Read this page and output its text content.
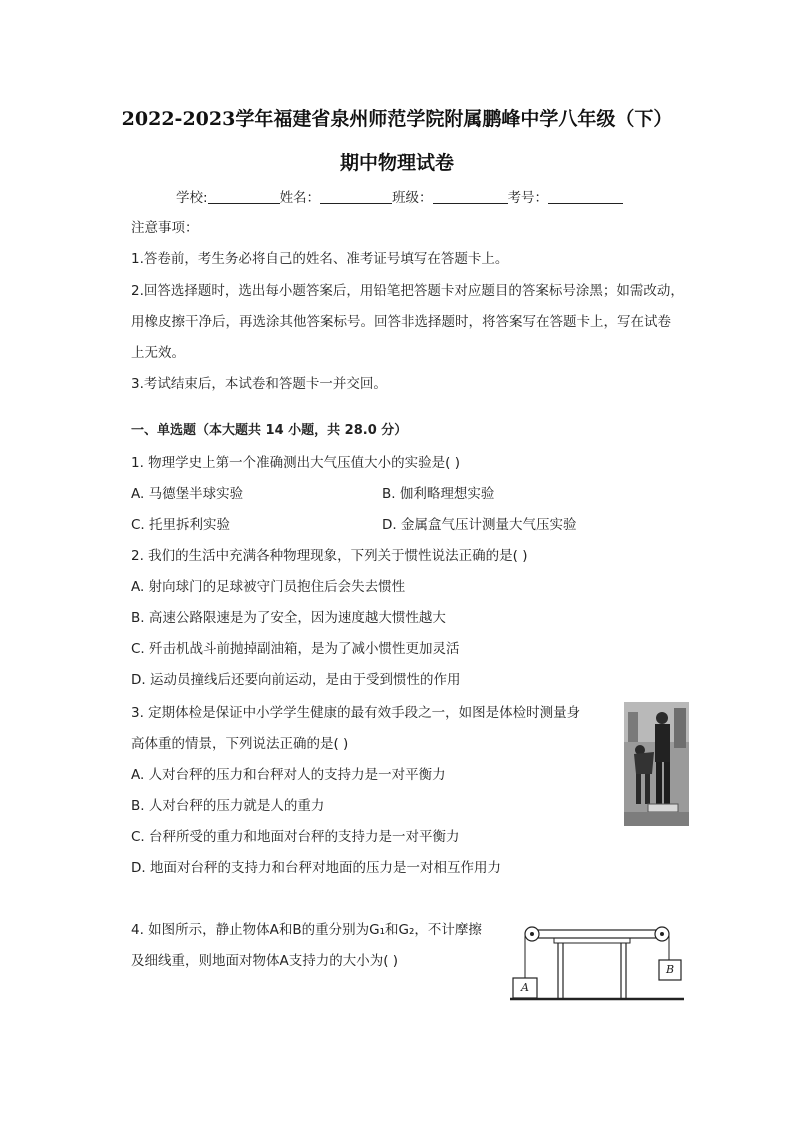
2022-2023学年福建省泉州师范学院附属鹏峰中学八年级（下）
期中物理试卷
学校:	姓名：	班级：	考号：
注意事项：
1.答卷前，考生务必将自己的姓名、准考证号填写在答题卡上。
2.回答选择题时，选出每小题答案后，用铅笔把答题卡对应题目的答案标号涂黑；如需改动，
用橡皮擦干净后，再选涂其他答案标号。回答非选择题时，将答案写在答题卡上，写在试卷
上无效。
3.考试结束后，本试卷和答题卡一并交回。
一、单选题（本大题共 14 小题，共 28.0 分）
1. 物理学史上第一个准确测出大气压值大小的实验是( )
A. 马德堡半球实验	B. 伽利略理想实验
C. 托里拆利实验	D. 金属盒气压计测量大气压实验
2. 我们的生活中充满各种物理现象，下列关于惯性说法正确的是( )
A. 射向球门的足球被守门员抱住后会失去惯性
B. 高速公路限速是为了安全，因为速度越大惯性越大
C. 歼击机战斗前抛掉副油箱，是为了减小惯性更加灵活
D. 运动员撞线后还要向前运动，是由于受到惯性的作用
3. 定期体检是保证中小学学生健康的最有效手段之一，如图是体检时测量身
高体重的情景，下列说法正确的是( )
A. 人对台秤的压力和台秤对人的支持力是一对平衡力
B. 人对台秤的压力就是人的重力
C. 台秤所受的重力和地面对台秤的支持力是一对平衡力
D. 地面对台秤的支持力和台秤对地面的压力是一对相互作用力
4. 如图所示，静止物体A和B的重分别为G₁和G₂，不计摩擦
及细线重，则地面对物体A支持力的大小为( )
A
B
